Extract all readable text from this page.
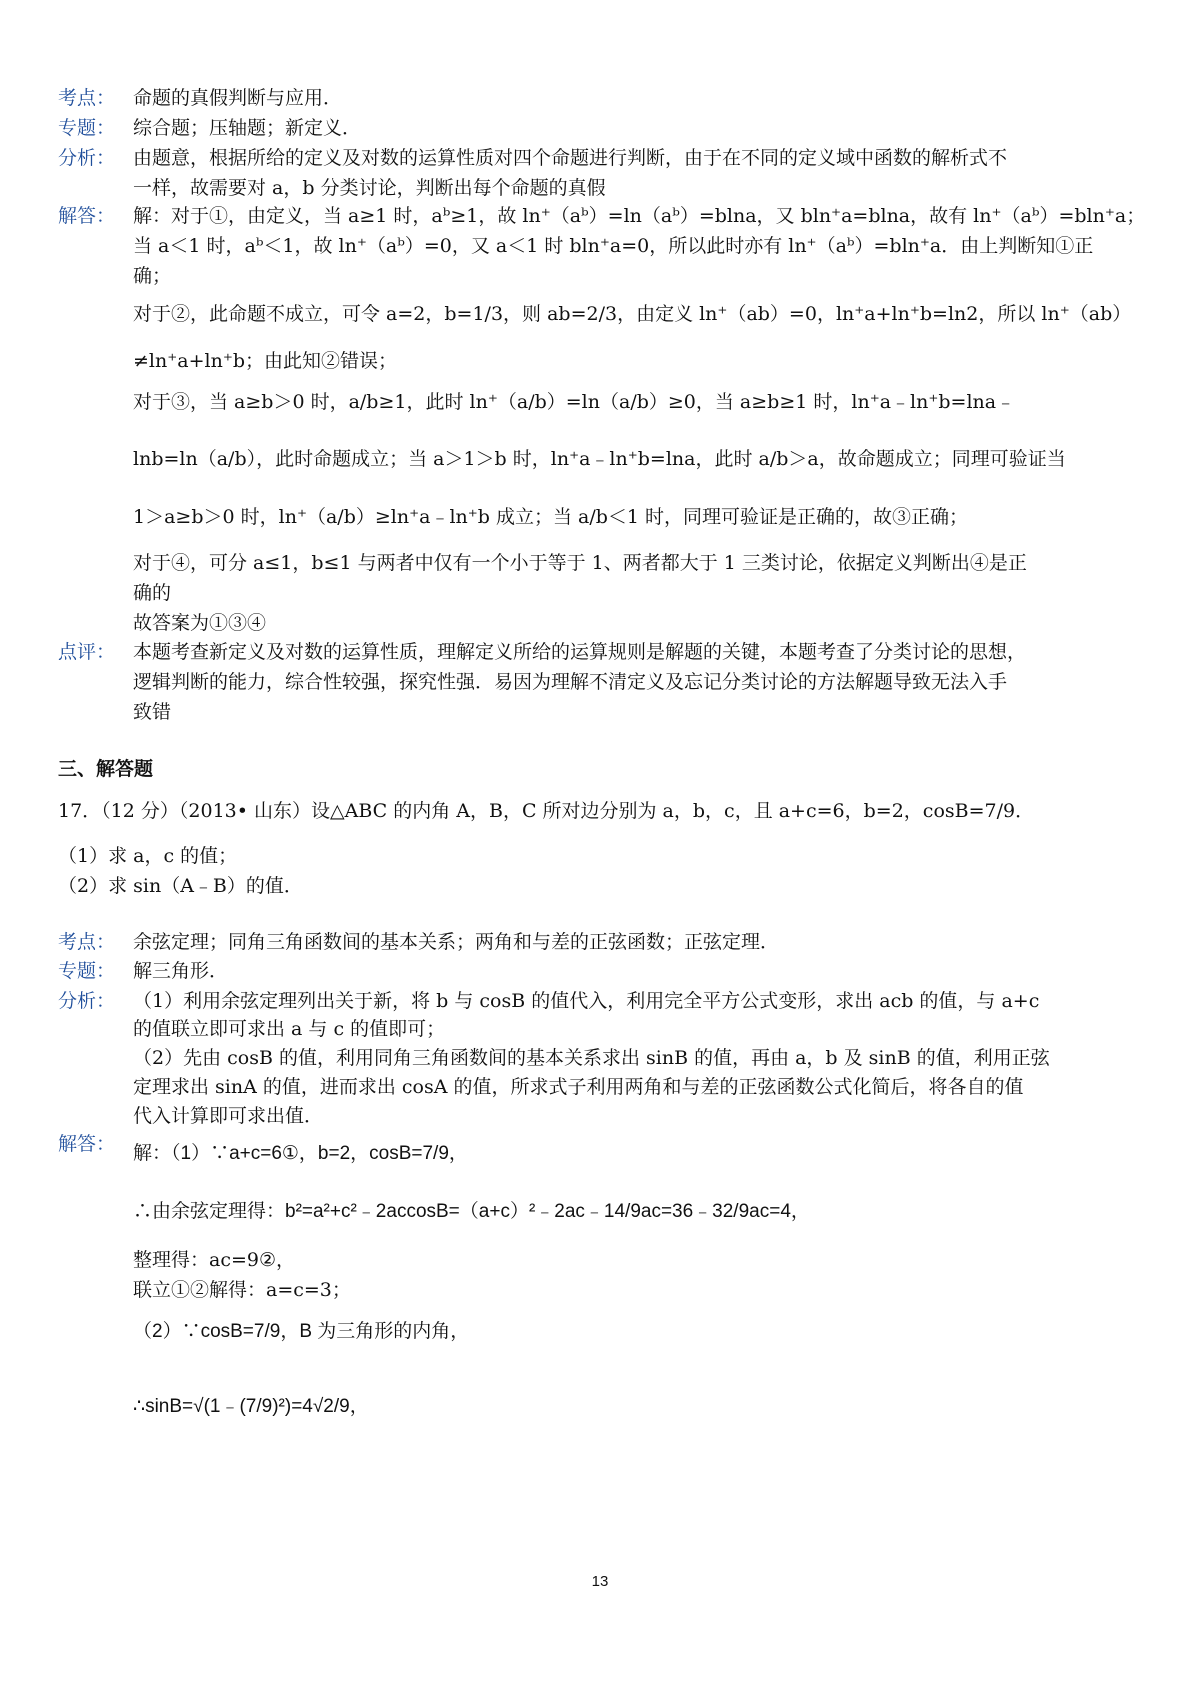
考点： 命题的真假判断与应用．
专题： 综合题；压轴题；新定义．
分析： 由题意，根据所给的定义及对数的运算性质对四个命题进行判断，由于在不同的定义域中函数的解析式不
一样，故需要对 a，b 分类讨论，判断出每个命题的真假
解答： 解：对于①，由定义，当 a≥1 时，aᵇ≥1，故 ln⁺（aᵇ）=ln（aᵇ）=blna，又 bln⁺a=blna，故有 ln⁺（aᵇ）=bln⁺a；
当 a＜1 时，aᵇ＜1，故 ln⁺（aᵇ）=0，又 a＜1 时 bln⁺a=0，所以此时亦有 ln⁺（aᵇ）=bln⁺a．由上判断知①正
确；
对于②，此命题不成立，可令 a=2，b=1/3，则 ab=2/3，由定义 ln⁺（ab）=0，ln⁺a+ln⁺b=ln2，所以 ln⁺（ab）
≠ln⁺a+ln⁺b；由此知②错误；
对于③，当 a≥b＞0 时，a/b≥1，此时 ln⁺（a/b）=ln（a/b）≥0，当 a≥b≥1 时，ln⁺a﹣ln⁺b=lna﹣
lnb=ln（a/b），此时命题成立；当 a＞1＞b 时，ln⁺a﹣ln⁺b=lna，此时 a/b＞a，故命题成立；同理可验证当
1＞a≥b＞0 时，ln⁺（a/b）≥ln⁺a﹣ln⁺b 成立；当 a/b＜1 时，同理可验证是正确的，故③正确；
对于④，可分 a≤1，b≤1 与两者中仅有一个小于等于 1、两者都大于 1 三类讨论，依据定义判断出④是正
确的
故答案为①③④
点评： 本题考查新定义及对数的运算性质，理解定义所给的运算规则是解题的关键，本题考查了分类讨论的思想，
逻辑判断的能力，综合性较强，探究性强．易因为理解不清定义及忘记分类讨论的方法解题导致无法入手
致错
三、解答题
17．（12 分）（2013• 山东）设△ABC 的内角 A，B，C 所对边分别为 a，b，c，且 a+c=6，b=2，cosB=7/9．
（1）求 a，c 的值；
（2）求 sin（A﹣B）的值．
考点： 余弦定理；同角三角函数间的基本关系；两角和与差的正弦函数；正弦定理．
专题： 解三角形．
分析： （1）利用余弦定理列出关于新，将 b 与 cosB 的值代入，利用完全平方公式变形，求出 acb 的值，与 a+c
的值联立即可求出 a 与 c 的值即可；
（2）先由 cosB 的值，利用同角三角函数间的基本关系求出 sinB 的值，再由 a，b 及 sinB 的值，利用正弦
定理求出 sinA 的值，进而求出 cosA 的值，所求式子利用两角和与差的正弦函数公式化简后，将各自的值
代入计算即可求出值．
解答： 解：（1）∵a+c=6①，b=2，cosB=7/9，
∴由余弦定理得：b²=a²+c²﹣2accosB=（a+c）²﹣2ac﹣14/9ac=36﹣32/9ac=4，
整理得：ac=9②，
联立①②解得：a=c=3；
（2）∵cosB=7/9，B 为三角形的内角，
∴sinB=√(1﹣(7/9)²)=4√2/9，
13
